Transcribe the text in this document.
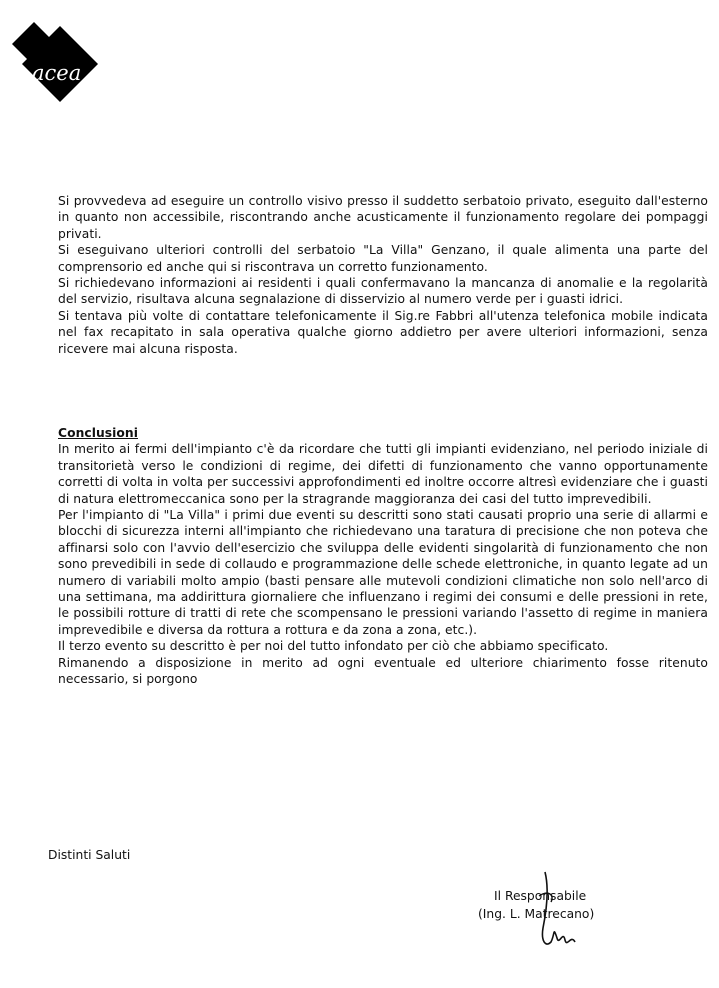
acea

Si provvedeva ad eseguire un controllo visivo presso il suddetto serbatoio privato, eseguito dall'esterno in quanto non accessibile, riscontrando anche acusticamente il funzionamento regolare dei pompaggi privati.

Si eseguivano ulteriori controlli del serbatoio "La Villa" Genzano, il quale alimenta una parte del comprensorio ed anche qui si riscontrava un corretto funzionamento.

Si richiedevano informazioni ai residenti i quali confermavano la mancanza di anomalie e la regolarità del servizio, risultava alcuna segnalazione di disservizio al numero verde per i guasti idrici.

Si tentava più volte di contattare telefonicamente il Sig.re Fabbri all'utenza telefonica mobile indicata nel fax recapitato in sala operativa qualche giorno addietro per avere ulteriori informazioni, senza ricevere mai alcuna risposta.

Conclusioni

In merito ai fermi dell'impianto c'è da ricordare che tutti gli impianti evidenziano, nel periodo iniziale di transitorietà verso le condizioni di regime, dei difetti di funzionamento che vanno opportunamente corretti di volta in volta per successivi approfondimenti ed inoltre occorre altresì evidenziare che i guasti di natura elettromeccanica sono per la stragrande maggioranza dei casi del tutto imprevedibili.

Per l'impianto di "La Villa" i primi due eventi su descritti sono stati causati proprio una serie di allarmi e blocchi di sicurezza interni all'impianto che richiedevano una taratura di precisione che non poteva che affinarsi solo con l'avvio dell'esercizio che sviluppa delle evidenti singolarità di funzionamento che non sono prevedibili in sede di collaudo e programmazione delle schede elettroniche, in quanto legate ad un numero di variabili molto ampio (basti pensare alle mutevoli condizioni climatiche non solo nell'arco di una settimana, ma addirittura giornaliere che influenzano i regimi dei consumi e delle pressioni in rete, le possibili rotture di tratti di rete che scompensano le pressioni variando l'assetto di regime in maniera imprevedibile e diversa da rottura a rottura e da zona a zona, etc.).

Il terzo evento su descritto è per noi del tutto infondato per ciò che abbiamo specificato.

Rimanendo a disposizione in merito ad ogni eventuale ed ulteriore chiarimento fosse ritenuto necessario, si porgono

Distinti Saluti
Il Responsabile
(Ing. L. Matrecano)
